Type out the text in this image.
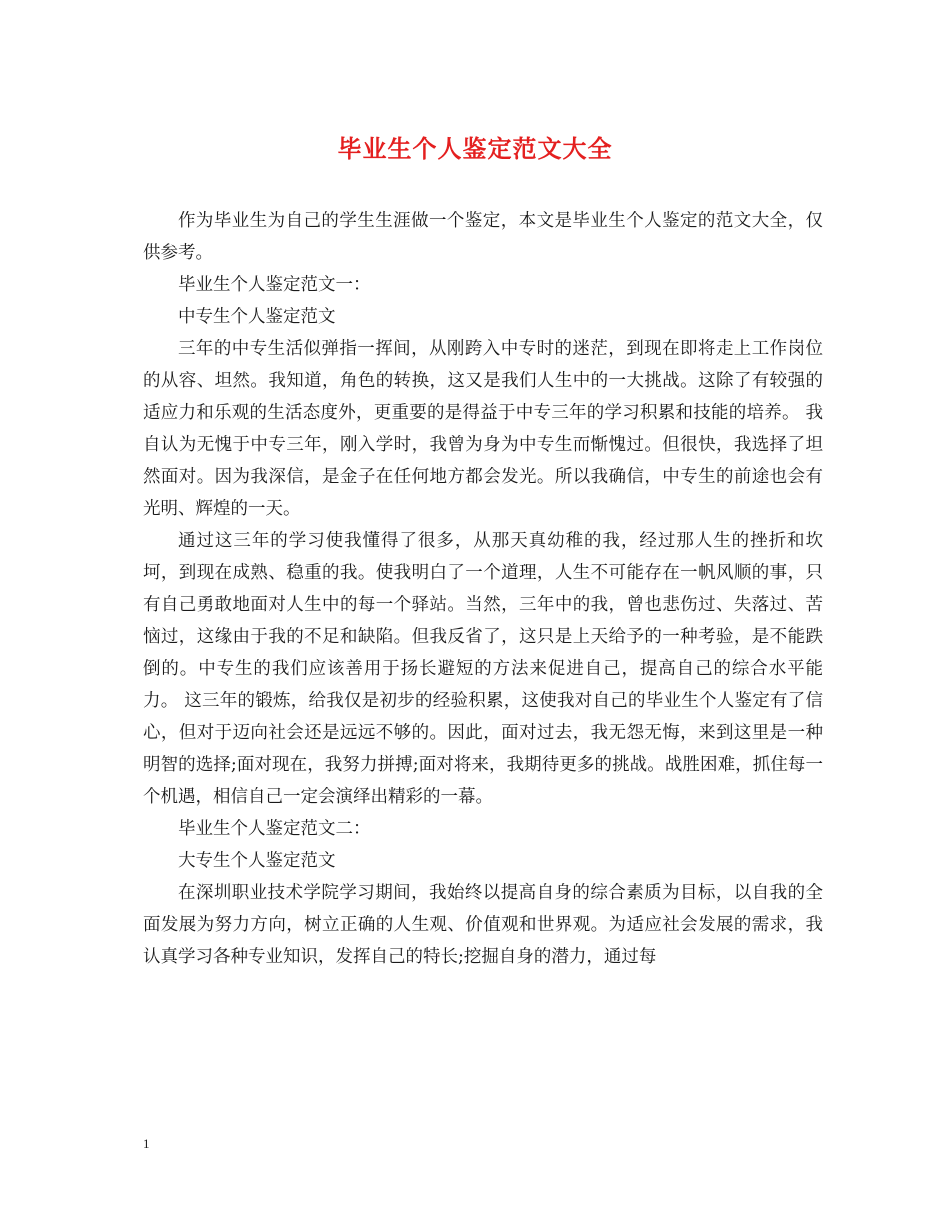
毕业生个人鉴定范文大全

作为毕业生为自己的学生生涯做一个鉴定，本文是毕业生个人鉴定的范文大全，仅供参考。

毕业生个人鉴定范文一：

中专生个人鉴定范文

三年的中专生活似弹指一挥间，从刚跨入中专时的迷茫，到现在即将走上工作岗位的从容、坦然。我知道，角色的转换，这又是我们人生中的一大挑战。这除了有较强的适应力和乐观的生活态度外，更重要的是得益于中专三年的学习积累和技能的培养。 我自认为无愧于中专三年，刚入学时，我曾为身为中专生而惭愧过。但很快，我选择了坦然面对。因为我深信，是金子在任何地方都会发光。所以我确信，中专生的前途也会有光明、辉煌的一天。

通过这三年的学习使我懂得了很多，从那天真幼稚的我，经过那人生的挫折和坎坷，到现在成熟、稳重的我。使我明白了一个道理，人生不可能存在一帆风顺的事，只有自己勇敢地面对人生中的每一个驿站。当然，三年中的我，曾也悲伤过、失落过、苦恼过，这缘由于我的不足和缺陷。但我反省了，这只是上天给予的一种考验，是不能跌倒的。中专生的我们应该善用于扬长避短的方法来促进自己，提高自己的综合水平能力。 这三年的锻炼，给我仅是初步的经验积累，这使我对自己的毕业生个人鉴定有了信心，但对于迈向社会还是远远不够的。因此，面对过去，我无怨无悔，来到这里是一种明智的选择;面对现在，我努力拼搏;面对将来，我期待更多的挑战。战胜困难，抓住每一个机遇，相信自己一定会演绎出精彩的一幕。

毕业生个人鉴定范文二：

大专生个人鉴定范文

在深圳职业技术学院学习期间，我始终以提高自身的综合素质为目标，以自我的全面发展为努力方向，树立正确的人生观、价值观和世界观。为适应社会发展的需求，我认真学习各种专业知识，发挥自己的特长;挖掘自身的潜力，通过每

1
